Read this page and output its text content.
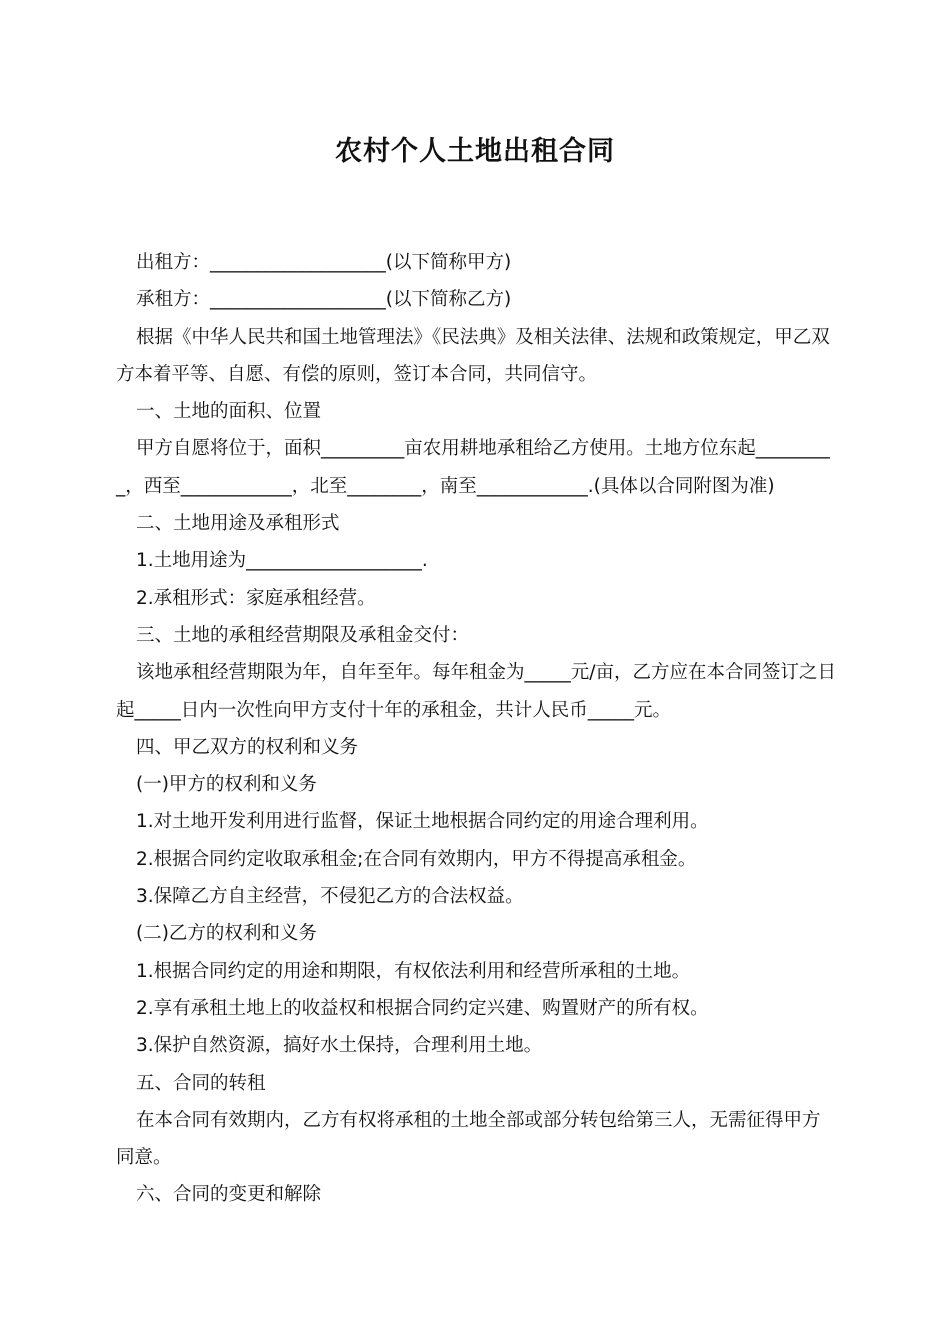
农村个人土地出租合同

出租方：___________________(以下简称甲方)

承租方：___________________(以下简称乙方)

根据《中华人民共和国土地管理法》《民法典》及相关法律、法规和政策规定，甲乙双方本着平等、自愿、有偿的原则，签订本合同，共同信守。

一、土地的面积、位置

甲方自愿将位于，面积_________亩农用耕地承租给乙方使用。土地方位东起_________，西至____________，北至________，南至____________.(具体以合同附图为准)

二、土地用途及承租形式

1.土地用途为___________________.

2.承租形式：家庭承租经营。

三、土地的承租经营期限及承租金交付：

该地承租经营期限为年，自年至年。每年租金为_____元/亩，乙方应在本合同签订之日起_____日内一次性向甲方支付十年的承租金，共计人民币_____元。

四、甲乙双方的权利和义务

(一)甲方的权利和义务

1.对土地开发利用进行监督，保证土地根据合同约定的用途合理利用。

2.根据合同约定收取承租金;在合同有效期内，甲方不得提高承租金。

3.保障乙方自主经营，不侵犯乙方的合法权益。

(二)乙方的权利和义务

1.根据合同约定的用途和期限，有权依法利用和经营所承租的土地。

2.享有承租土地上的收益权和根据合同约定兴建、购置财产的所有权。

3.保护自然资源，搞好水土保持，合理利用土地。

五、合同的转租

在本合同有效期内，乙方有权将承租的土地全部或部分转包给第三人，无需征得甲方同意。

六、合同的变更和解除
